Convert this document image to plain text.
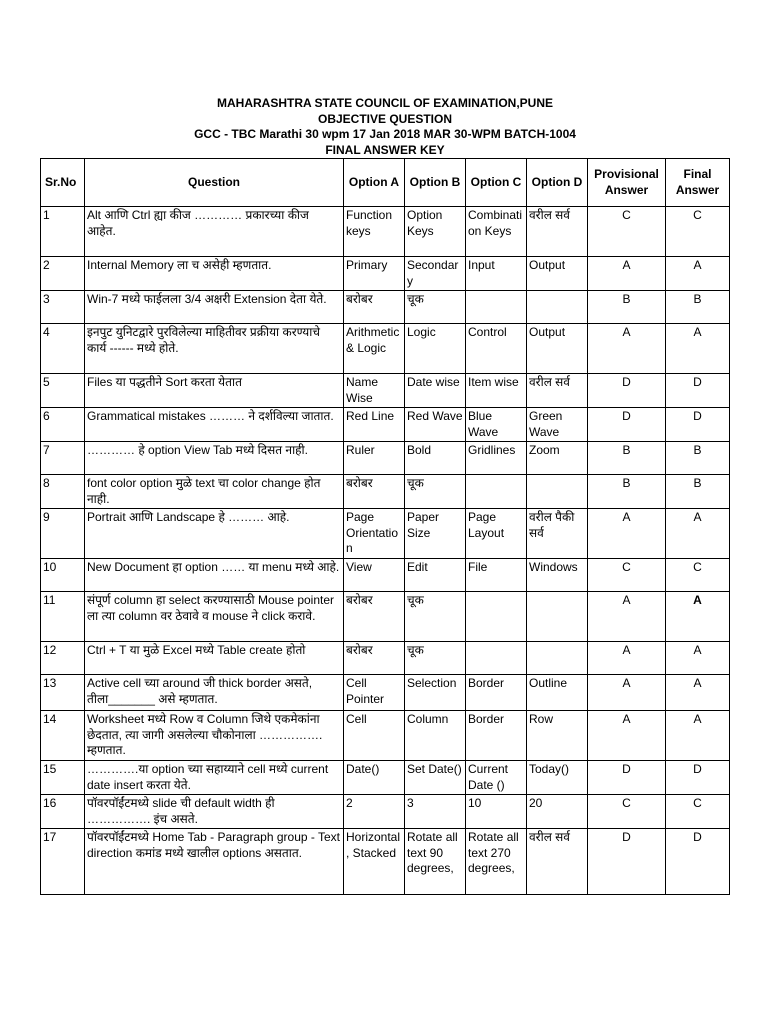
MAHARASHTRA STATE COUNCIL OF EXAMINATION,PUNE
OBJECTIVE QUESTION
GCC - TBC Marathi 30 wpm 17 Jan 2018 MAR 30-WPM BATCH-1004
FINAL ANSWER KEY
Sr.No	Question	Option A	Option B	Option C	Option D	Provisional Answer	Final Answer
1	Alt आणि Ctrl ह्या कीज ………… प्रकारच्या कीज आहेत.	Function keys	Option Keys	Combination Keys	वरील सर्व	C	C
2	Internal Memory ला च असेही म्हणतात.	Primary	Secondary	Input	Output	A	A
3	Win-7 मध्ये फाईलला 3/4 अक्षरी Extension देता येते.	बरोबर	चूक			B	B
4	इनपुट युनिटद्वारे पुरविलेल्या माहितीवर प्रक्रीया करण्याचे कार्य ------ मध्ये होते.	Arithmetic & Logic	Logic	Control	Output	A	A
5	Files या पद्धतीने Sort करता येतात	Name Wise	Date wise	Item wise	वरील सर्व	D	D
6	Grammatical mistakes ……… ने दर्शविल्या जातात.	Red Line	Red Wave	Blue Wave	Green Wave	D	D
7	………… हे option View Tab मध्ये दिसत नाही.	Ruler	Bold	Gridlines	Zoom	B	B
8	font color option मुळे text चा color change होत नाही.	बरोबर	चूक			B	B
9	Portrait आणि Landscape हे ……… आहे.	Page Orientation	Paper Size	Page Layout	वरील पैकी सर्व	A	A
10	New Document हा option …… या menu मध्ये आहे.	View	Edit	File	Windows	C	C
11	संपूर्ण column हा select करण्यासाठी Mouse pointer ला त्या column वर ठेवावे व mouse ने click करावे.	बरोबर	चूक			A	A
12	Ctrl + T या मुळे Excel मध्ये Table create होतो	बरोबर	चूक			A	A
13	Active cell च्या around जी thick border असते, तीला_______ असे म्हणतात.	Cell Pointer	Selection	Border	Outline	A	A
14	Worksheet मध्ये Row व Column जिथे एकमेकांना छेदतात, त्या जागी असलेल्या चौकोनाला ……………. म्हणतात.	Cell	Column	Border	Row	A	A
15	………….या option च्या सहाय्याने cell मध्ये current date insert करता येते.	Date()	Set Date()	Current Date ()	Today()	D	D
16	पॉवरपॉईंटमध्ये slide ची default width ही ……………. इंच असते.	2	3	10	20	C	C
17	पॉवरपॉईंटमध्ये Home Tab - Paragraph group - Text direction कमांड मध्ये खालील options असतात.	Horizontal, Stacked	Rotate all text 90 degrees,	Rotate all text 270 degrees,	वरील सर्व	D	D
